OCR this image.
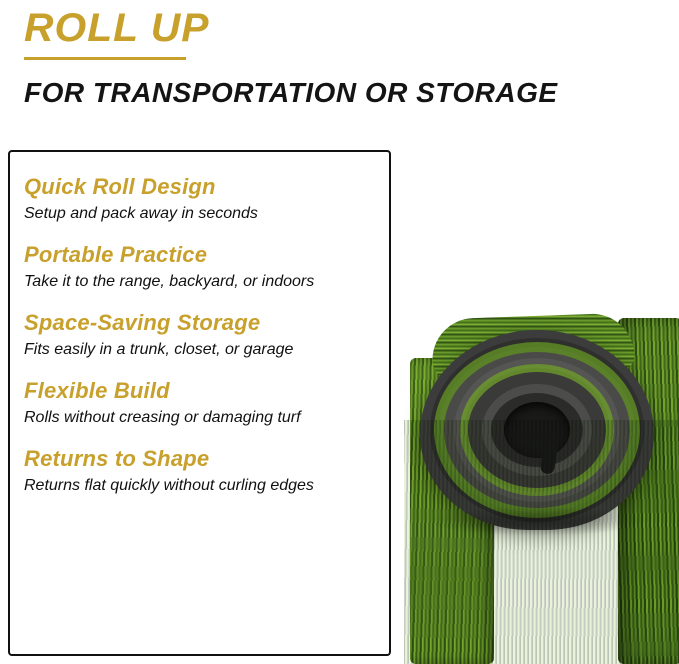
ROLL UP
FOR TRANSPORTATION OR STORAGE
Quick Roll Design
Setup and pack away in seconds
Portable Practice
Take it to the range, backyard, or indoors
Space-Saving Storage
Fits easily in a trunk, closet, or garage
Flexible Build
Rolls without creasing or damaging turf
Returns to Shape
Returns flat quickly without curling edges
